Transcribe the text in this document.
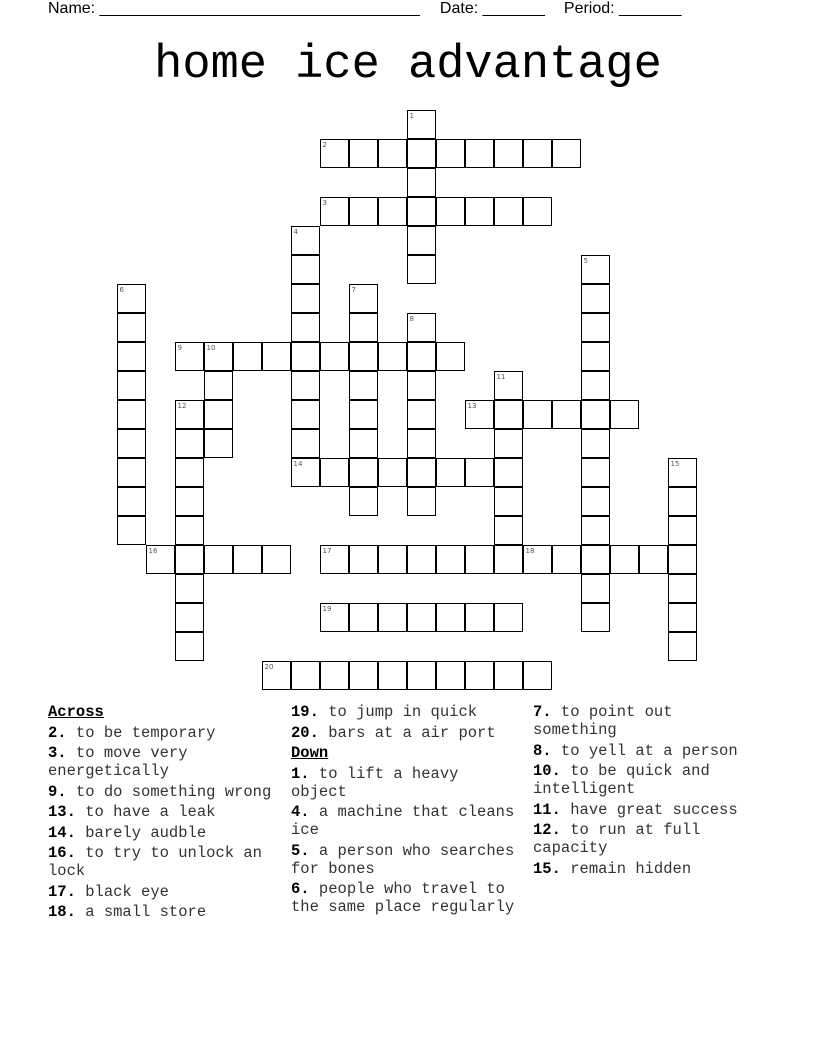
Name: ____________________________________ Date: _______ Period: _______
home ice advantage
2
3
9
13
14
16	17	18
19
20
1
4
5
6	7
8
10
11
12
15
Across
2. to be temporary
3. to move very energetically
9. to do something wrong
13. to have a leak
14. barely audble
16. to try to unlock an lock
17. black eye
18. a small store
19. to jump in quick
20. bars at a air port
Down
1. to lift a heavy object
4. a machine that cleans ice
5. a person who searches for bones
6. people who travel to the same place regularly
7. to point out something
8. to yell at a person
10. to be quick and intelligent
11. have great success
12. to run at full capacity
15. remain hidden
